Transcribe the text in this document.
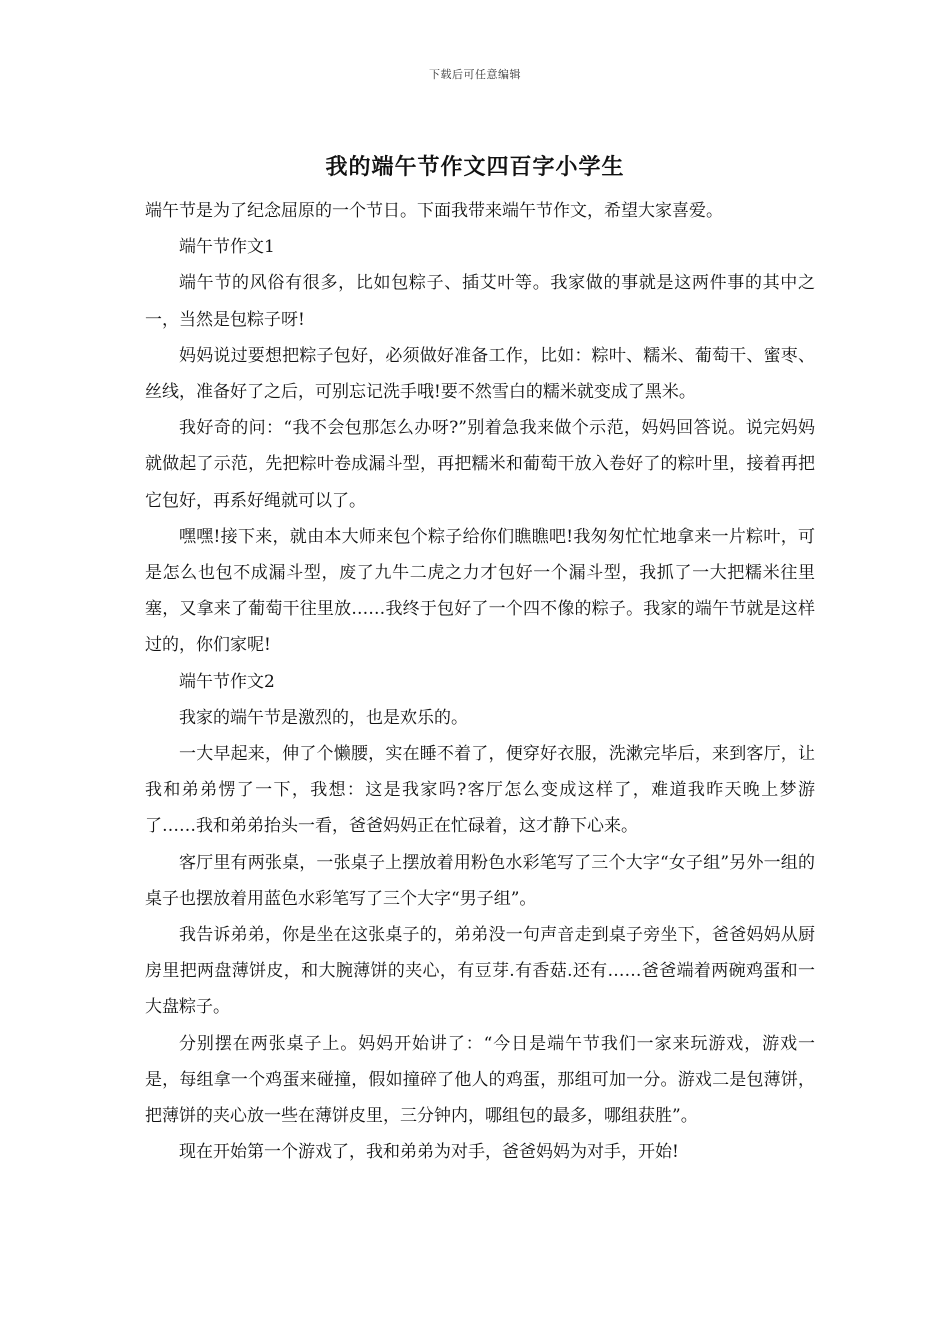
下载后可任意编辑
我的端午节作文四百字小学生

端午节是为了纪念屈原的一个节日。下面我带来端午节作文，希望大家喜爱。

端午节作文1

端午节的风俗有很多，比如包粽子、插艾叶等。我家做的事就是这两件事的其中之一，当然是包粽子呀!

妈妈说过要想把粽子包好，必须做好准备工作，比如：粽叶、糯米、葡萄干、蜜枣、丝线，准备好了之后，可别忘记洗手哦!要不然雪白的糯米就变成了黑米。

我好奇的问：“我不会包那怎么办呀?”别着急我来做个示范，妈妈回答说。说完妈妈就做起了示范，先把粽叶卷成漏斗型，再把糯米和葡萄干放入卷好了的粽叶里，接着再把它包好，再系好绳就可以了。

嘿嘿!接下来，就由本大师来包个粽子给你们瞧瞧吧!我匆匆忙忙地拿来一片粽叶，可是怎么也包不成漏斗型，废了九牛二虎之力才包好一个漏斗型，我抓了一大把糯米往里塞，又拿来了葡萄干往里放……我终于包好了一个四不像的粽子。我家的端午节就是这样过的，你们家呢!

端午节作文2

我家的端午节是激烈的，也是欢乐的。

一大早起来，伸了个懒腰，实在睡不着了，便穿好衣服，洗漱完毕后，来到客厅，让我和弟弟愣了一下，我想：这是我家吗?客厅怎么变成这样了，难道我昨天晚上梦游了……我和弟弟抬头一看，爸爸妈妈正在忙碌着，这才静下心来。

客厅里有两张桌，一张桌子上摆放着用粉色水彩笔写了三个大字“女子组”另外一组的桌子也摆放着用蓝色水彩笔写了三个大字“男子组”。

我告诉弟弟，你是坐在这张桌子的，弟弟没一句声音走到桌子旁坐下，爸爸妈妈从厨房里把两盘薄饼皮，和大腕薄饼的夹心，有豆芽.有香菇.还有……爸爸端着两碗鸡蛋和一大盘粽子。

分别摆在两张桌子上。妈妈开始讲了：“今日是端午节我们一家来玩游戏，游戏一是，每组拿一个鸡蛋来碰撞，假如撞碎了他人的鸡蛋，那组可加一分。游戏二是包薄饼，把薄饼的夹心放一些在薄饼皮里，三分钟内，哪组包的最多，哪组获胜”。

现在开始第一个游戏了，我和弟弟为对手，爸爸妈妈为对手，开始!
